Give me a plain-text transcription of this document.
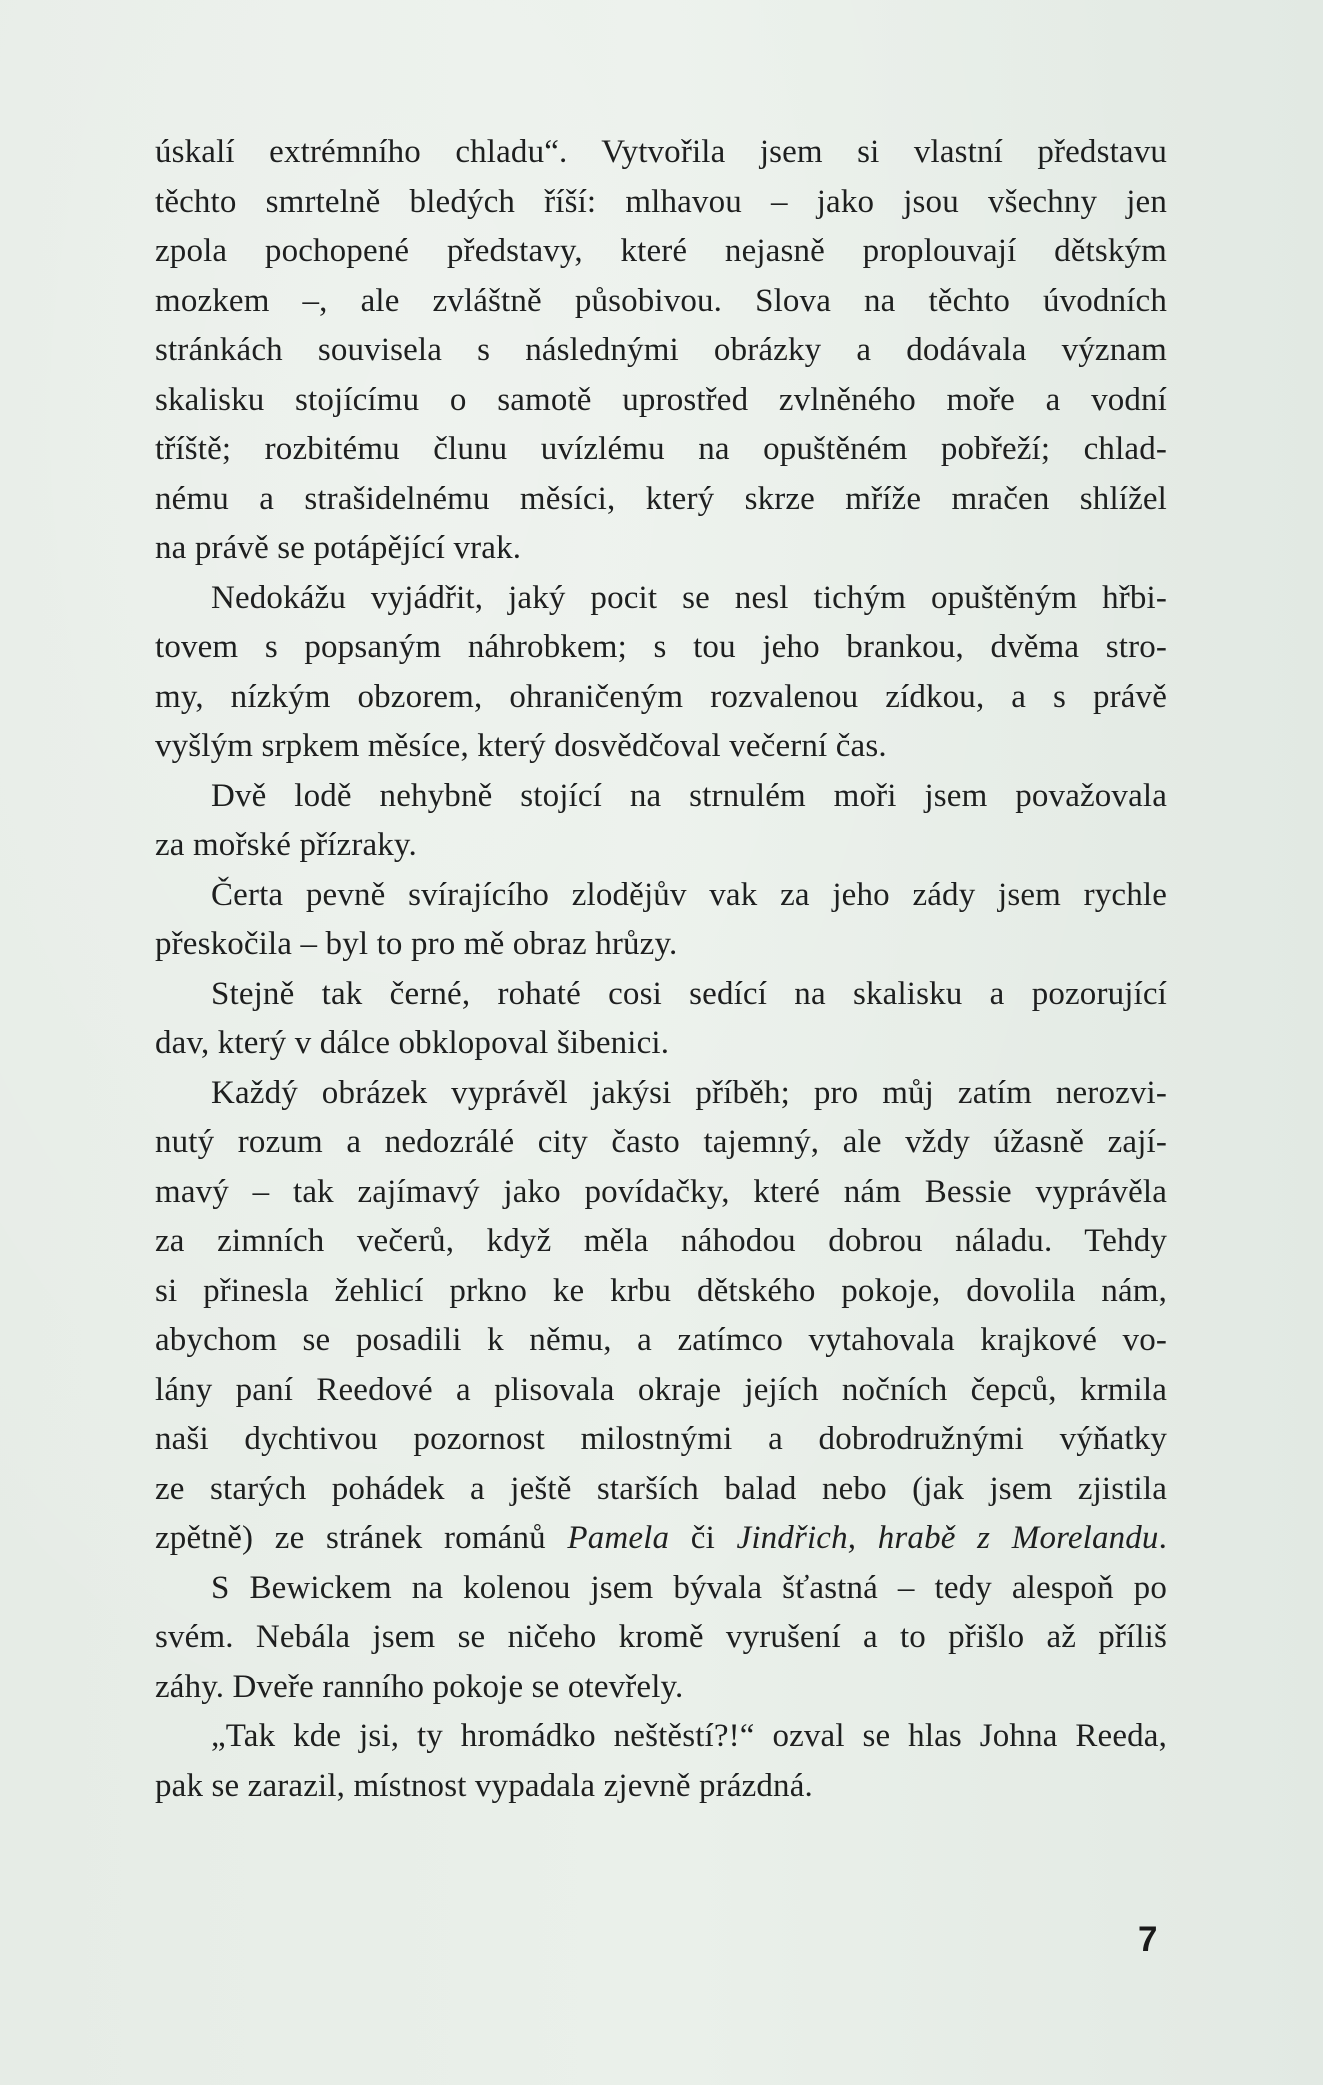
úskalí extrémního chladu“. Vytvořila jsem si vlastní představu
těchto smrtelně bledých říší: mlhavou – jako jsou všechny jen
zpola pochopené představy, které nejasně proplouvají dětským
mozkem –, ale zvláštně působivou. Slova na těchto úvodních
stránkách souvisela s následnými obrázky a dodávala význam
skalisku stojícímu o samotě uprostřed zvlněného moře a vodní
tříště; rozbitému člunu uvízlému na opuštěném pobřeží; chlad-
nému a strašidelnému měsíci, který skrze mříže mračen shlížel
na právě se potápějící vrak.
Nedokážu vyjádřit, jaký pocit se nesl tichým opuštěným hřbi-
tovem s popsaným náhrobkem; s tou jeho brankou, dvěma stro-
my, nízkým obzorem, ohraničeným rozvalenou zídkou, a s právě
vyšlým srpkem měsíce, který dosvědčoval večerní čas.
Dvě lodě nehybně stojící na strnulém moři jsem považovala
za mořské přízraky.
Čerta pevně svírajícího zlodějův vak za jeho zády jsem rychle
přeskočila – byl to pro mě obraz hrůzy.
Stejně tak černé, rohaté cosi sedící na skalisku a pozorující
dav, který v dálce obklopoval šibenici.
Každý obrázek vyprávěl jakýsi příběh; pro můj zatím nerozvi-
nutý rozum a nedozrálé city často tajemný, ale vždy úžasně zají-
mavý – tak zajímavý jako povídačky, které nám Bessie vyprávěla
za zimních večerů, když měla náhodou dobrou náladu. Tehdy
si přinesla žehlicí prkno ke krbu dětského pokoje, dovolila nám,
abychom se posadili k němu, a zatímco vytahovala krajkové vo-
lány paní Reedové a plisovala okraje jejích nočních čepců, krmila
naši dychtivou pozornost milostnými a dobrodružnými výňatky
ze starých pohádek a ještě starších balad nebo (jak jsem zjistila
zpětně) ze stránek románů Pamela či Jindřich, hrabě z Morelandu.
S Bewickem na kolenou jsem bývala šťastná – tedy alespoň po
svém. Nebála jsem se ničeho kromě vyrušení a to přišlo až příliš
záhy. Dveře ranního pokoje se otevřely.
„Tak kde jsi, ty hromádko neštěstí?!“ ozval se hlas Johna Reeda,
pak se zarazil, místnost vypadala zjevně prázdná.
7
